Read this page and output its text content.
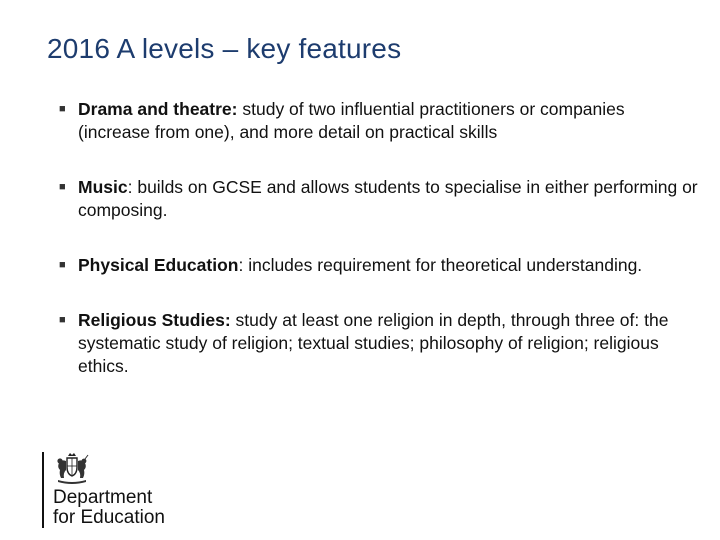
2016 A levels – key features
■ Drama and theatre: study of two influential practitioners or companies (increase from one), and more detail on practical skills
■ Music: builds on GCSE and allows students to specialise in either performing or composing.
■ Physical Education: includes requirement for theoretical understanding.
■ Religious Studies: study at least one religion in depth, through three of: the systematic study of religion; textual studies; philosophy of religion; religious ethics.
Department
for Education
